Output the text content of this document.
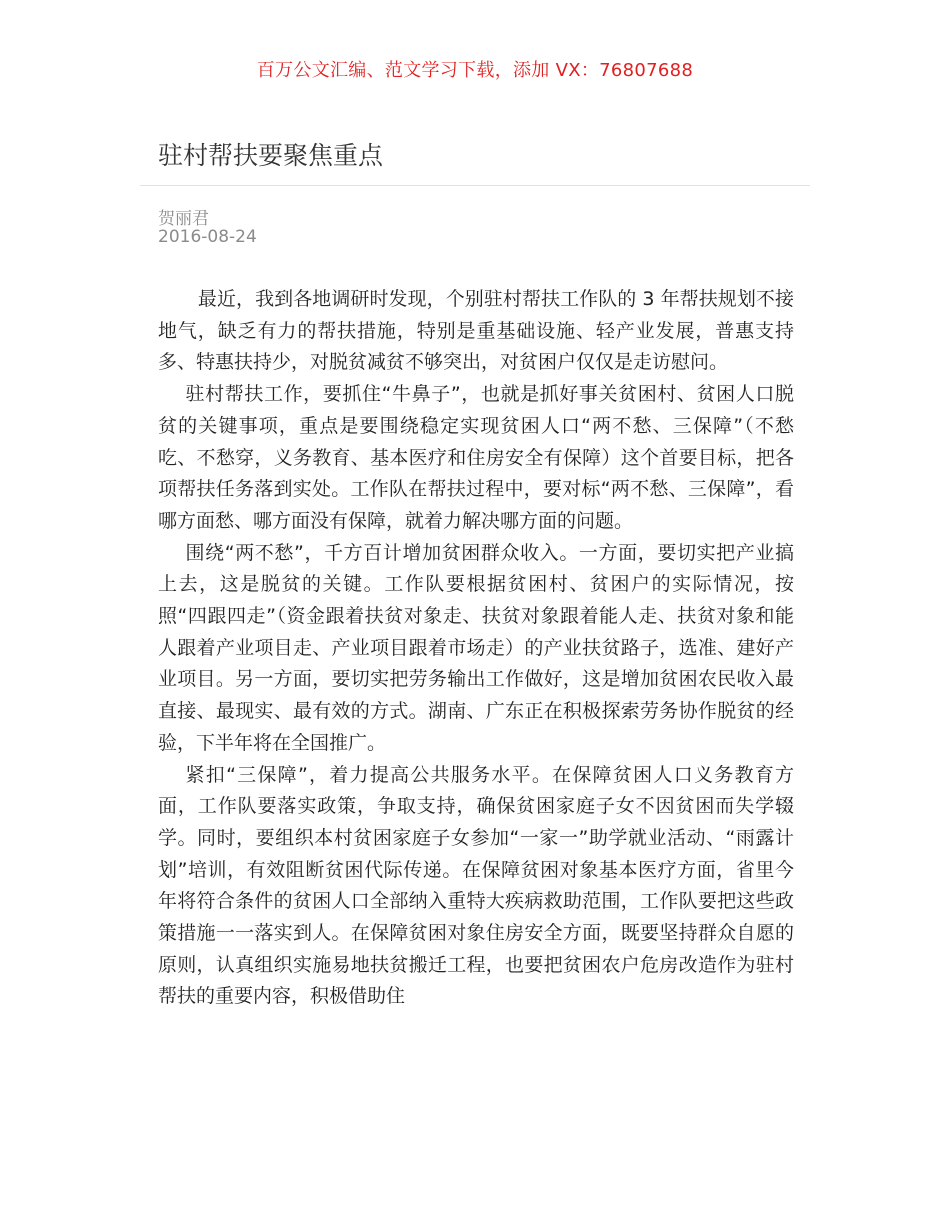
百万公文汇编、范文学习下载，添加 VX：76807688
驻村帮扶要聚焦重点
贺丽君
2016-08-24

最近，我到各地调研时发现，个别驻村帮扶工作队的 3 年帮扶规划不接地气，缺乏有力的帮扶措施，特别是重基础设施、轻产业发展，普惠支持多、特惠扶持少，对脱贫减贫不够突出，对贫困户仅仅是走访慰问。

驻村帮扶工作，要抓住“牛鼻子”，也就是抓好事关贫困村、贫困人口脱贫的关键事项，重点是要围绕稳定实现贫困人口“两不愁、三保障”（不愁吃、不愁穿，义务教育、基本医疗和住房安全有保障）这个首要目标，把各项帮扶任务落到实处。工作队在帮扶过程中，要对标“两不愁、三保障”，看哪方面愁、哪方面没有保障，就着力解决哪方面的问题。

围绕“两不愁”，千方百计增加贫困群众收入。一方面，要切实把产业搞上去，这是脱贫的关键。工作队要根据贫困村、贫困户的实际情况，按照“四跟四走”（资金跟着扶贫对象走、扶贫对象跟着能人走、扶贫对象和能人跟着产业项目走、产业项目跟着市场走）的产业扶贫路子，选准、建好产业项目。另一方面，要切实把劳务输出工作做好，这是增加贫困农民收入最直接、最现实、最有效的方式。湖南、广东正在积极探索劳务协作脱贫的经验，下半年将在全国推广。

紧扣“三保障”，着力提高公共服务水平。在保障贫困人口义务教育方面，工作队要落实政策，争取支持，确保贫困家庭子女不因贫困而失学辍学。同时，要组织本村贫困家庭子女参加“一家一”助学就业活动、“雨露计划”培训，有效阻断贫困代际传递。在保障贫困对象基本医疗方面，省里今年将符合条件的贫困人口全部纳入重特大疾病救助范围，工作队要把这些政策措施一一落实到人。在保障贫困对象住房安全方面，既要坚持群众自愿的原则，认真组织实施易地扶贫搬迁工程，也要把贫困农户危房改造作为驻村帮扶的重要内容，积极借助住
